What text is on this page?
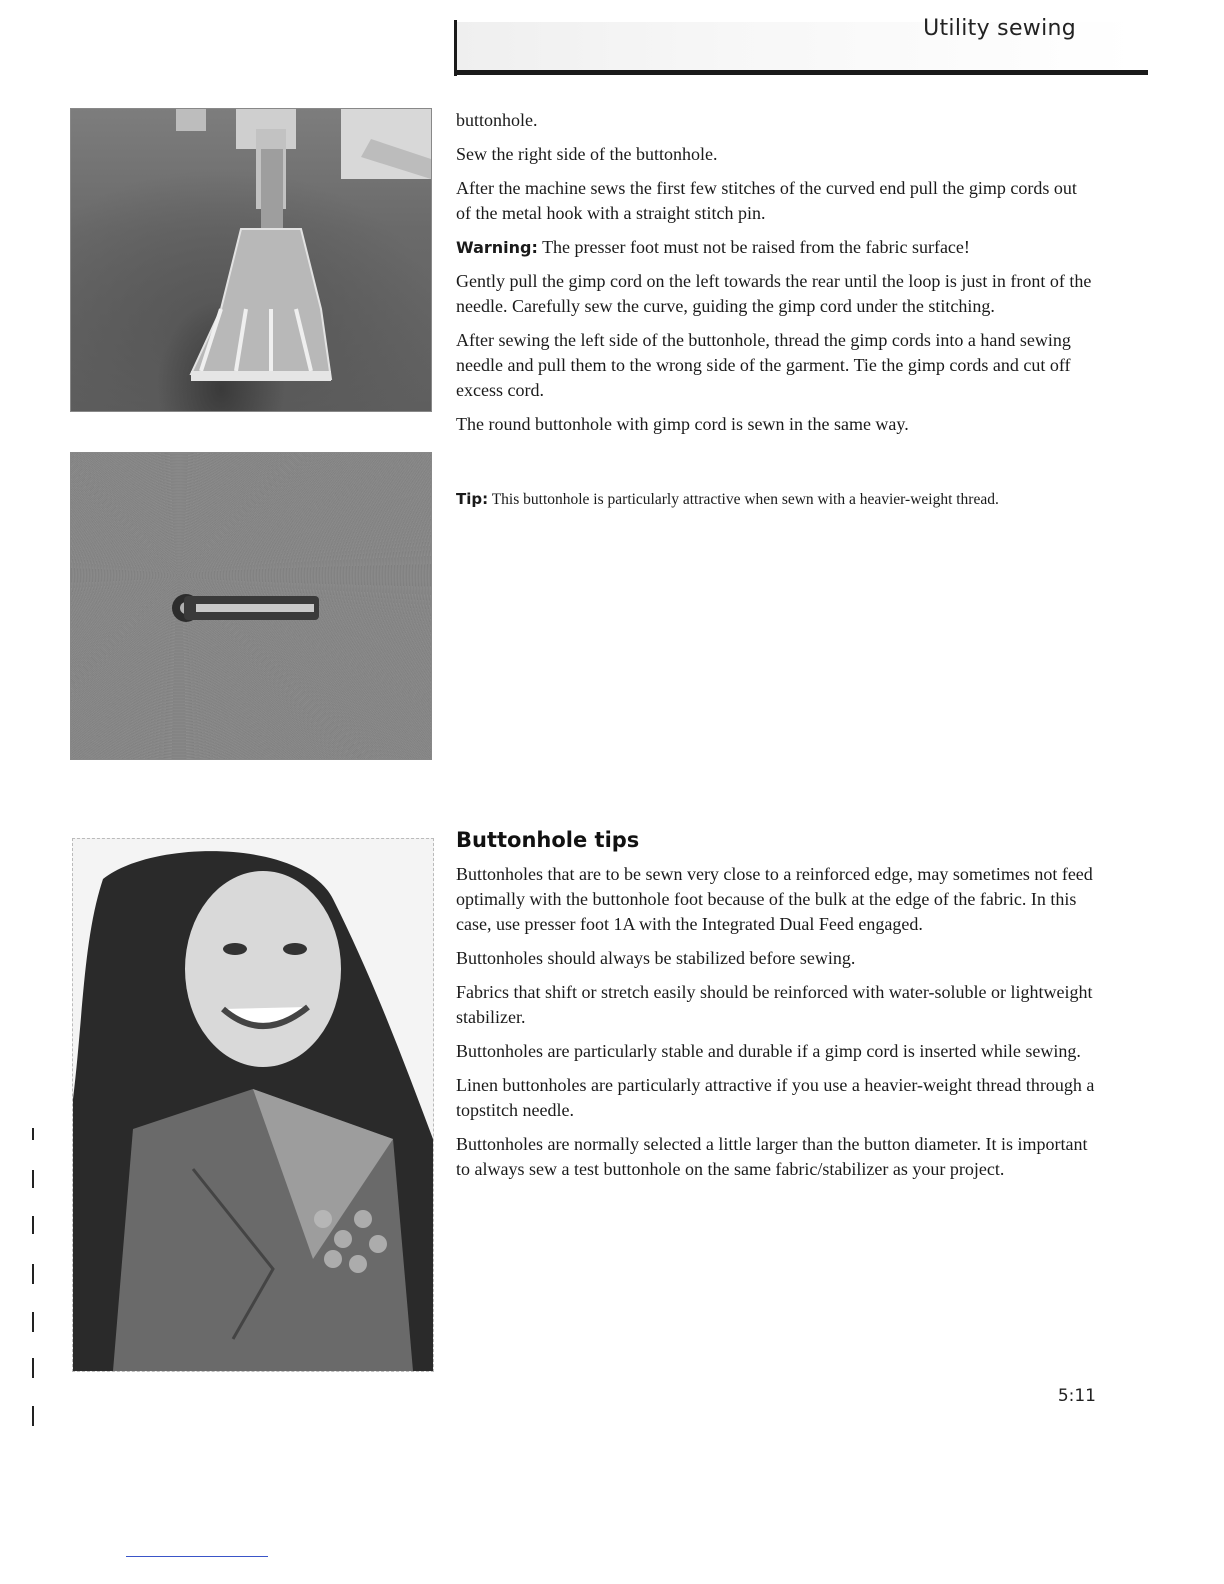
Utility sewing

buttonhole.

Sew the right side of the buttonhole.

After the machine sews the first few stitches of the curved end pull the gimp cords out of the metal hook with a straight stitch pin.

Warning: The presser foot must not be raised from the fabric surface!

Gently pull the gimp cord on the left towards the rear until the loop is just in front of the needle. Carefully sew the curve, guiding the gimp cord under the stitching.

After sewing the left side of the buttonhole, thread the gimp cords into a hand sewing needle and pull them to the wrong side of the garment. Tie the gimp cords and cut off excess cord.

The round buttonhole with gimp cord is sewn in the same way.

Tip: This buttonhole is particularly attractive when sewn with a heavier-weight thread.
Buttonhole tips

Buttonholes that are to be sewn very close to a reinforced edge, may sometimes not feed optimally with the buttonhole foot because of the bulk at the edge of the fabric. In this case, use presser foot 1A with the Integrated Dual Feed engaged.

Buttonholes should always be stabilized before sewing.

Fabrics that shift or stretch easily should be reinforced with water-soluble or lightweight stabilizer.

Buttonholes are particularly stable and durable if a gimp cord is inserted while sewing.

Linen buttonholes are particularly attractive if you use a heavier-weight thread through a topstitch needle.

Buttonholes are normally selected a little larger than the button diameter. It is important to always sew a test buttonhole on the same fabric/stabilizer as your project.

5:11
